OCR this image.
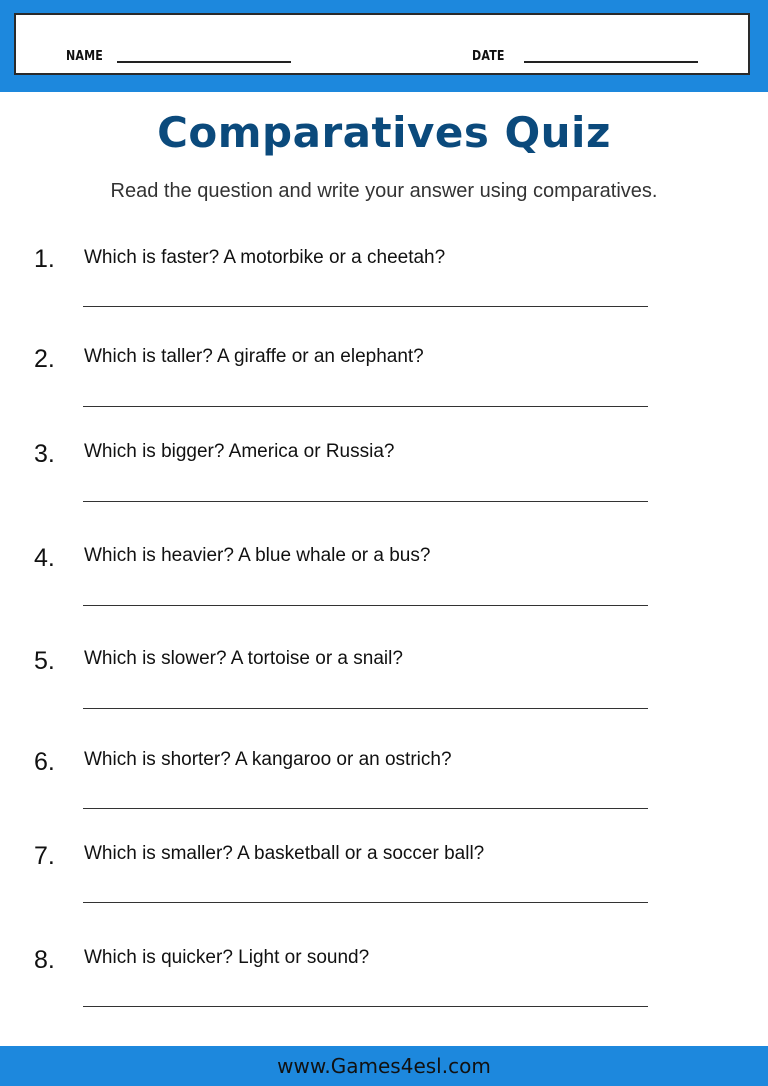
NAME	DATE
Comparatives Quiz
Read the question and write your answer using comparatives.
1. Which is faster? A motorbike or a cheetah?
2. Which is taller? A giraffe or an elephant?
3. Which is bigger? America or Russia?
4. Which is heavier? A blue whale or a bus?
5. Which is slower? A tortoise or a snail?
6. Which is shorter? A kangaroo or an ostrich?
7. Which is smaller? A basketball or a soccer ball?
8. Which is quicker? Light or sound?
www.Games4esl.com
